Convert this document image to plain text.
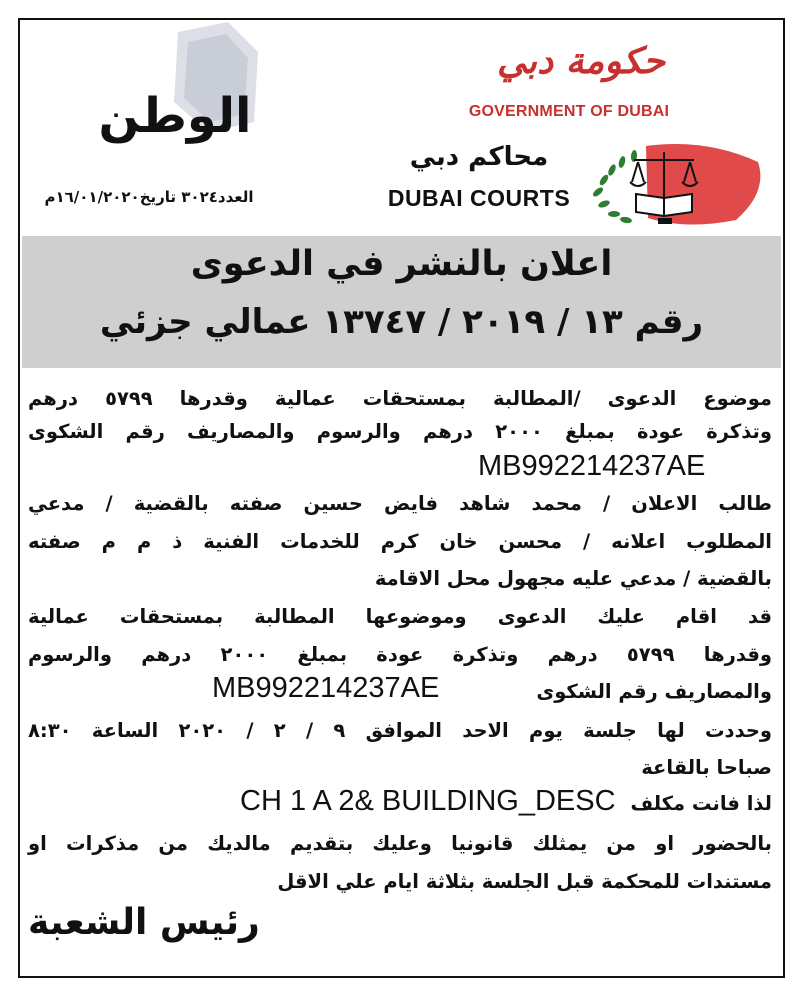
الوطن
العدد٣٠٢٤ تاريخ١٦/٠١/٢٠٢٠م
حكومة دبي
GOVERNMENT OF DUBAI
محاكم دبي
DUBAI COURTS
اعلان بالنشر في الدعوى
رقم ١٣ / ٢٠١٩ / ١٣٧٤٧ عمالي جزئي
موضوع الدعوى /المطالبة بمستحقات عمالية وقدرها ٥٧٩٩ درهم
وتذكرة عودة بمبلغ ٢٠٠٠ درهم والرسوم والمصاريف رقم الشكوى
MB992214237AE
طالب الاعلان / محمد شاهد فايض حسين صفته بالقضية / مدعي
المطلوب اعلانه / محسن خان كرم للخدمات الفنية ذ م م صفته
بالقضية / مدعي عليه مجهول محل الاقامة
قد اقام عليك الدعوى وموضوعها المطالبة بمستحقات عمالية
وقدرها ٥٧٩٩ درهم وتذكرة عودة بمبلغ ٢٠٠٠ درهم والرسوم
والمصاريف رقم الشكوى
MB992214237AE
وحددت لها جلسة يوم الاحد الموافق ٩ / ٢ / ٢٠٢٠ الساعة ٨:٣٠
صباحا بالقاعة
لذا فانت مكلف
CH 1 A 2& BUILDING_DESC
بالحضور او من يمثلك قانونيا وعليك بتقديم مالديك من مذكرات او
مستندات للمحكمة قبل الجلسة بثلاثة ايام علي الاقل
رئيس الشعبة
